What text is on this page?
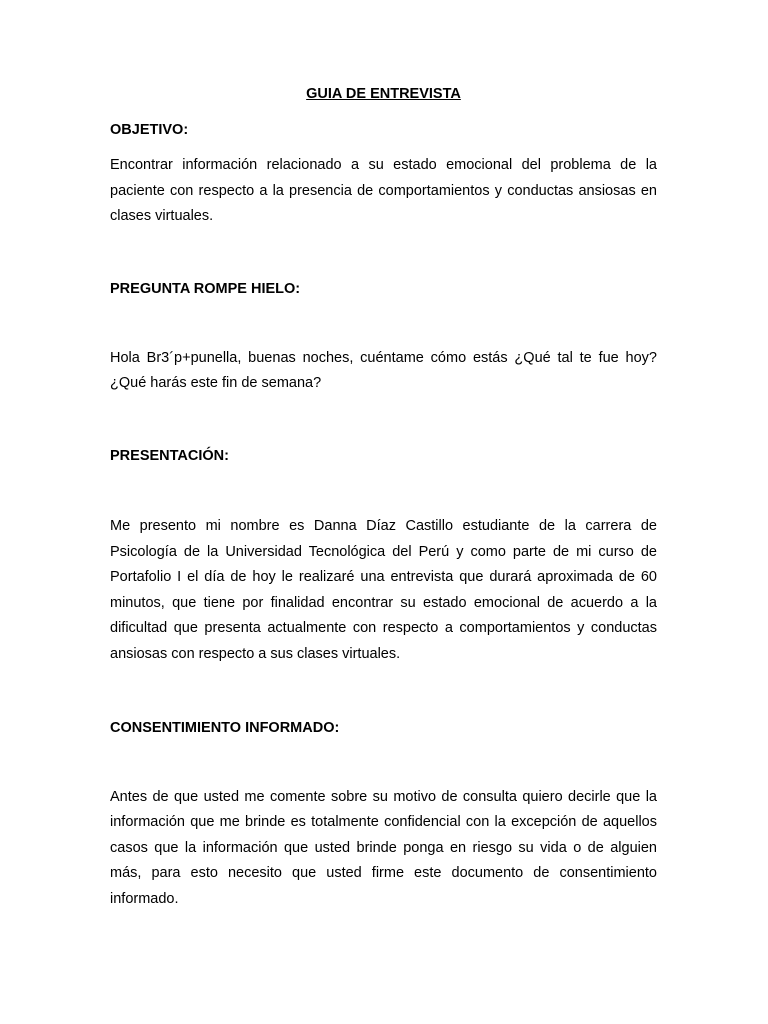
GUIA DE ENTREVISTA

OBJETIVO:

Encontrar información relacionado a su estado emocional del problema de la paciente con respecto a la presencia de comportamientos y conductas ansiosas en clases virtuales.

PREGUNTA ROMPE HIELO:

Hola Br3´p+punella, buenas noches, cuéntame cómo estás ¿Qué tal te fue hoy? ¿Qué harás este fin de semana?

PRESENTACIÓN:

Me presento mi nombre es Danna Díaz Castillo estudiante de la carrera de Psicología de la Universidad Tecnológica del Perú y como parte de mi curso de Portafolio I el día de hoy le realizaré una entrevista que durará aproximada de 60 minutos, que tiene por finalidad encontrar su estado emocional de acuerdo a la dificultad que presenta actualmente con respecto a comportamientos y conductas ansiosas con respecto a sus clases virtuales.

CONSENTIMIENTO INFORMADO:

Antes de que usted me comente sobre su motivo de consulta quiero decirle que la información que me brinde es totalmente confidencial con la excepción de aquellos casos que la información que usted brinde ponga en riesgo su vida o de alguien más, para esto necesito que usted firme este documento de consentimiento informado.
